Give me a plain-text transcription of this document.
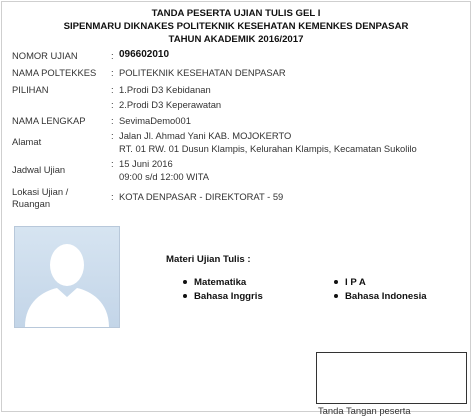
TANDA PESERTA UJIAN TULIS GEL I
SIPENMARU DIKNAKES POLITEKNIK KESEHATAN KEMENKES DENPASAR
TAHUN AKADEMIK 2016/2017
NOMOR UJIAN	: 096602010
NAMA POLTEKKES : POLITEKNIK KESEHATAN DENPASAR
PILIHAN	: 1.Prodi D3 Kebidanan
: 2.Prodi D3 Keperawatan
NAMA LENGKAP	: SevimaDemo001
Alamat
: Jalan Jl. Ahmad Yani KAB. MOJOKERTO
RT. 01 RW. 01 Dusun Klampis, Kelurahan Klampis, Kecamatan Sukolilo
Jadwal Ujian
: 15 Juni 2016
09:00 s/d 12:00 WITA
Lokasi Ujian /
Ruangan
: KOTA DENPASAR - DIREKTORAT - 59
Materi Ujian Tulis :
Matematika	I P A
Bahasa Inggris	Bahasa Indonesia
Tanda Tangan peserta
